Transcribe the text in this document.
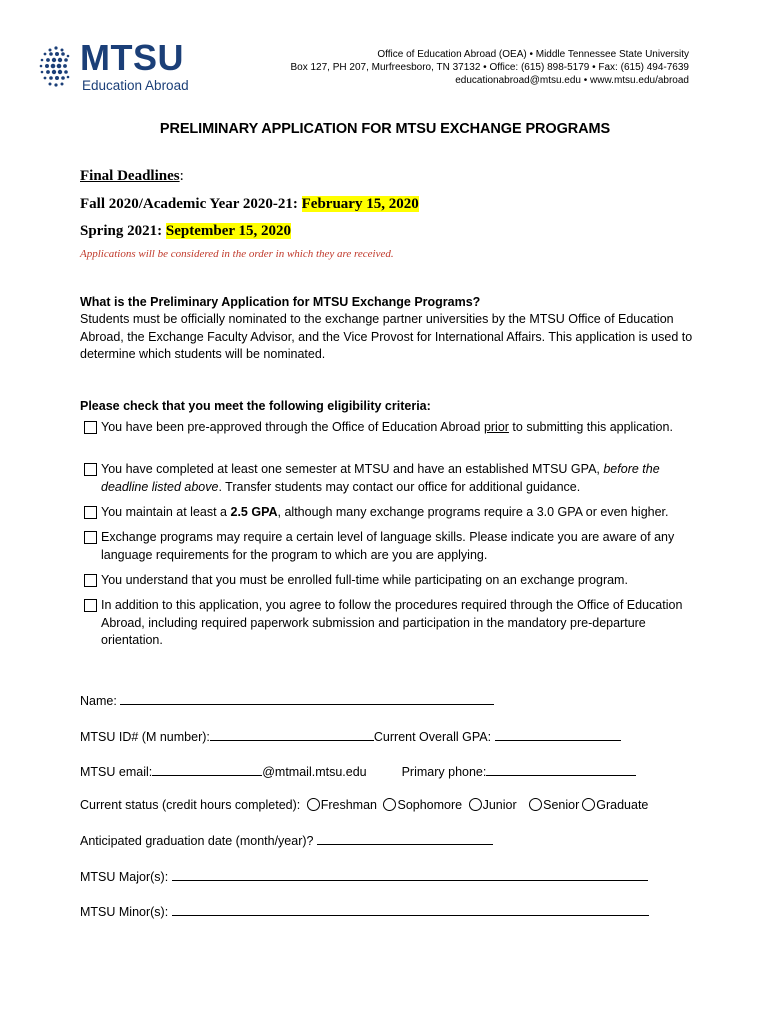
MTSU
Education Abroad
Office of Education Abroad (OEA) • Middle Tennessee State University
Box 127, PH 207, Murfreesboro, TN 37132 • Office: (615) 898-5179 • Fax: (615) 494-7639
educationabroad@mtsu.edu • www.mtsu.edu/abroad
PRELIMINARY APPLICATION FOR MTSU EXCHANGE PROGRAMS
Final Deadlines:
Fall 2020/Academic Year 2020-21: February 15, 2020
Spring 2021: September 15, 2020
Applications will be considered in the order in which they are received.
What is the Preliminary Application for MTSU Exchange Programs?
Students must be officially nominated to the exchange partner universities by the MTSU Office of Education Abroad, the Exchange Faculty Advisor, and the Vice Provost for International Affairs. This application is used to determine which students will be nominated.
Please check that you meet the following eligibility criteria:
You have been pre-approved through the Office of Education Abroad prior to submitting this application.
You have completed at least one semester at MTSU and have an established MTSU GPA, before the deadline listed above. Transfer students may contact our office for additional guidance.
You maintain at least a 2.5 GPA, although many exchange programs require a 3.0 GPA or even higher.
Exchange programs may require a certain level of language skills. Please indicate you are aware of any language requirements for the program to which are you are applying.
You understand that you must be enrolled full-time while participating on an exchange program.
In addition to this application, you agree to follow the procedures required through the Office of Education Abroad, including required paperwork submission and participation in the mandatory pre-departure orientation.
Name:
MTSU ID# (M number):	Current Overall GPA:
MTSU email:	@mtmail.mtsu.edu	Primary phone:
Current status (credit hours completed): Freshman Sophomore Junior Senior Graduate
Anticipated graduation date (month/year)?
MTSU Major(s):
MTSU Minor(s):
